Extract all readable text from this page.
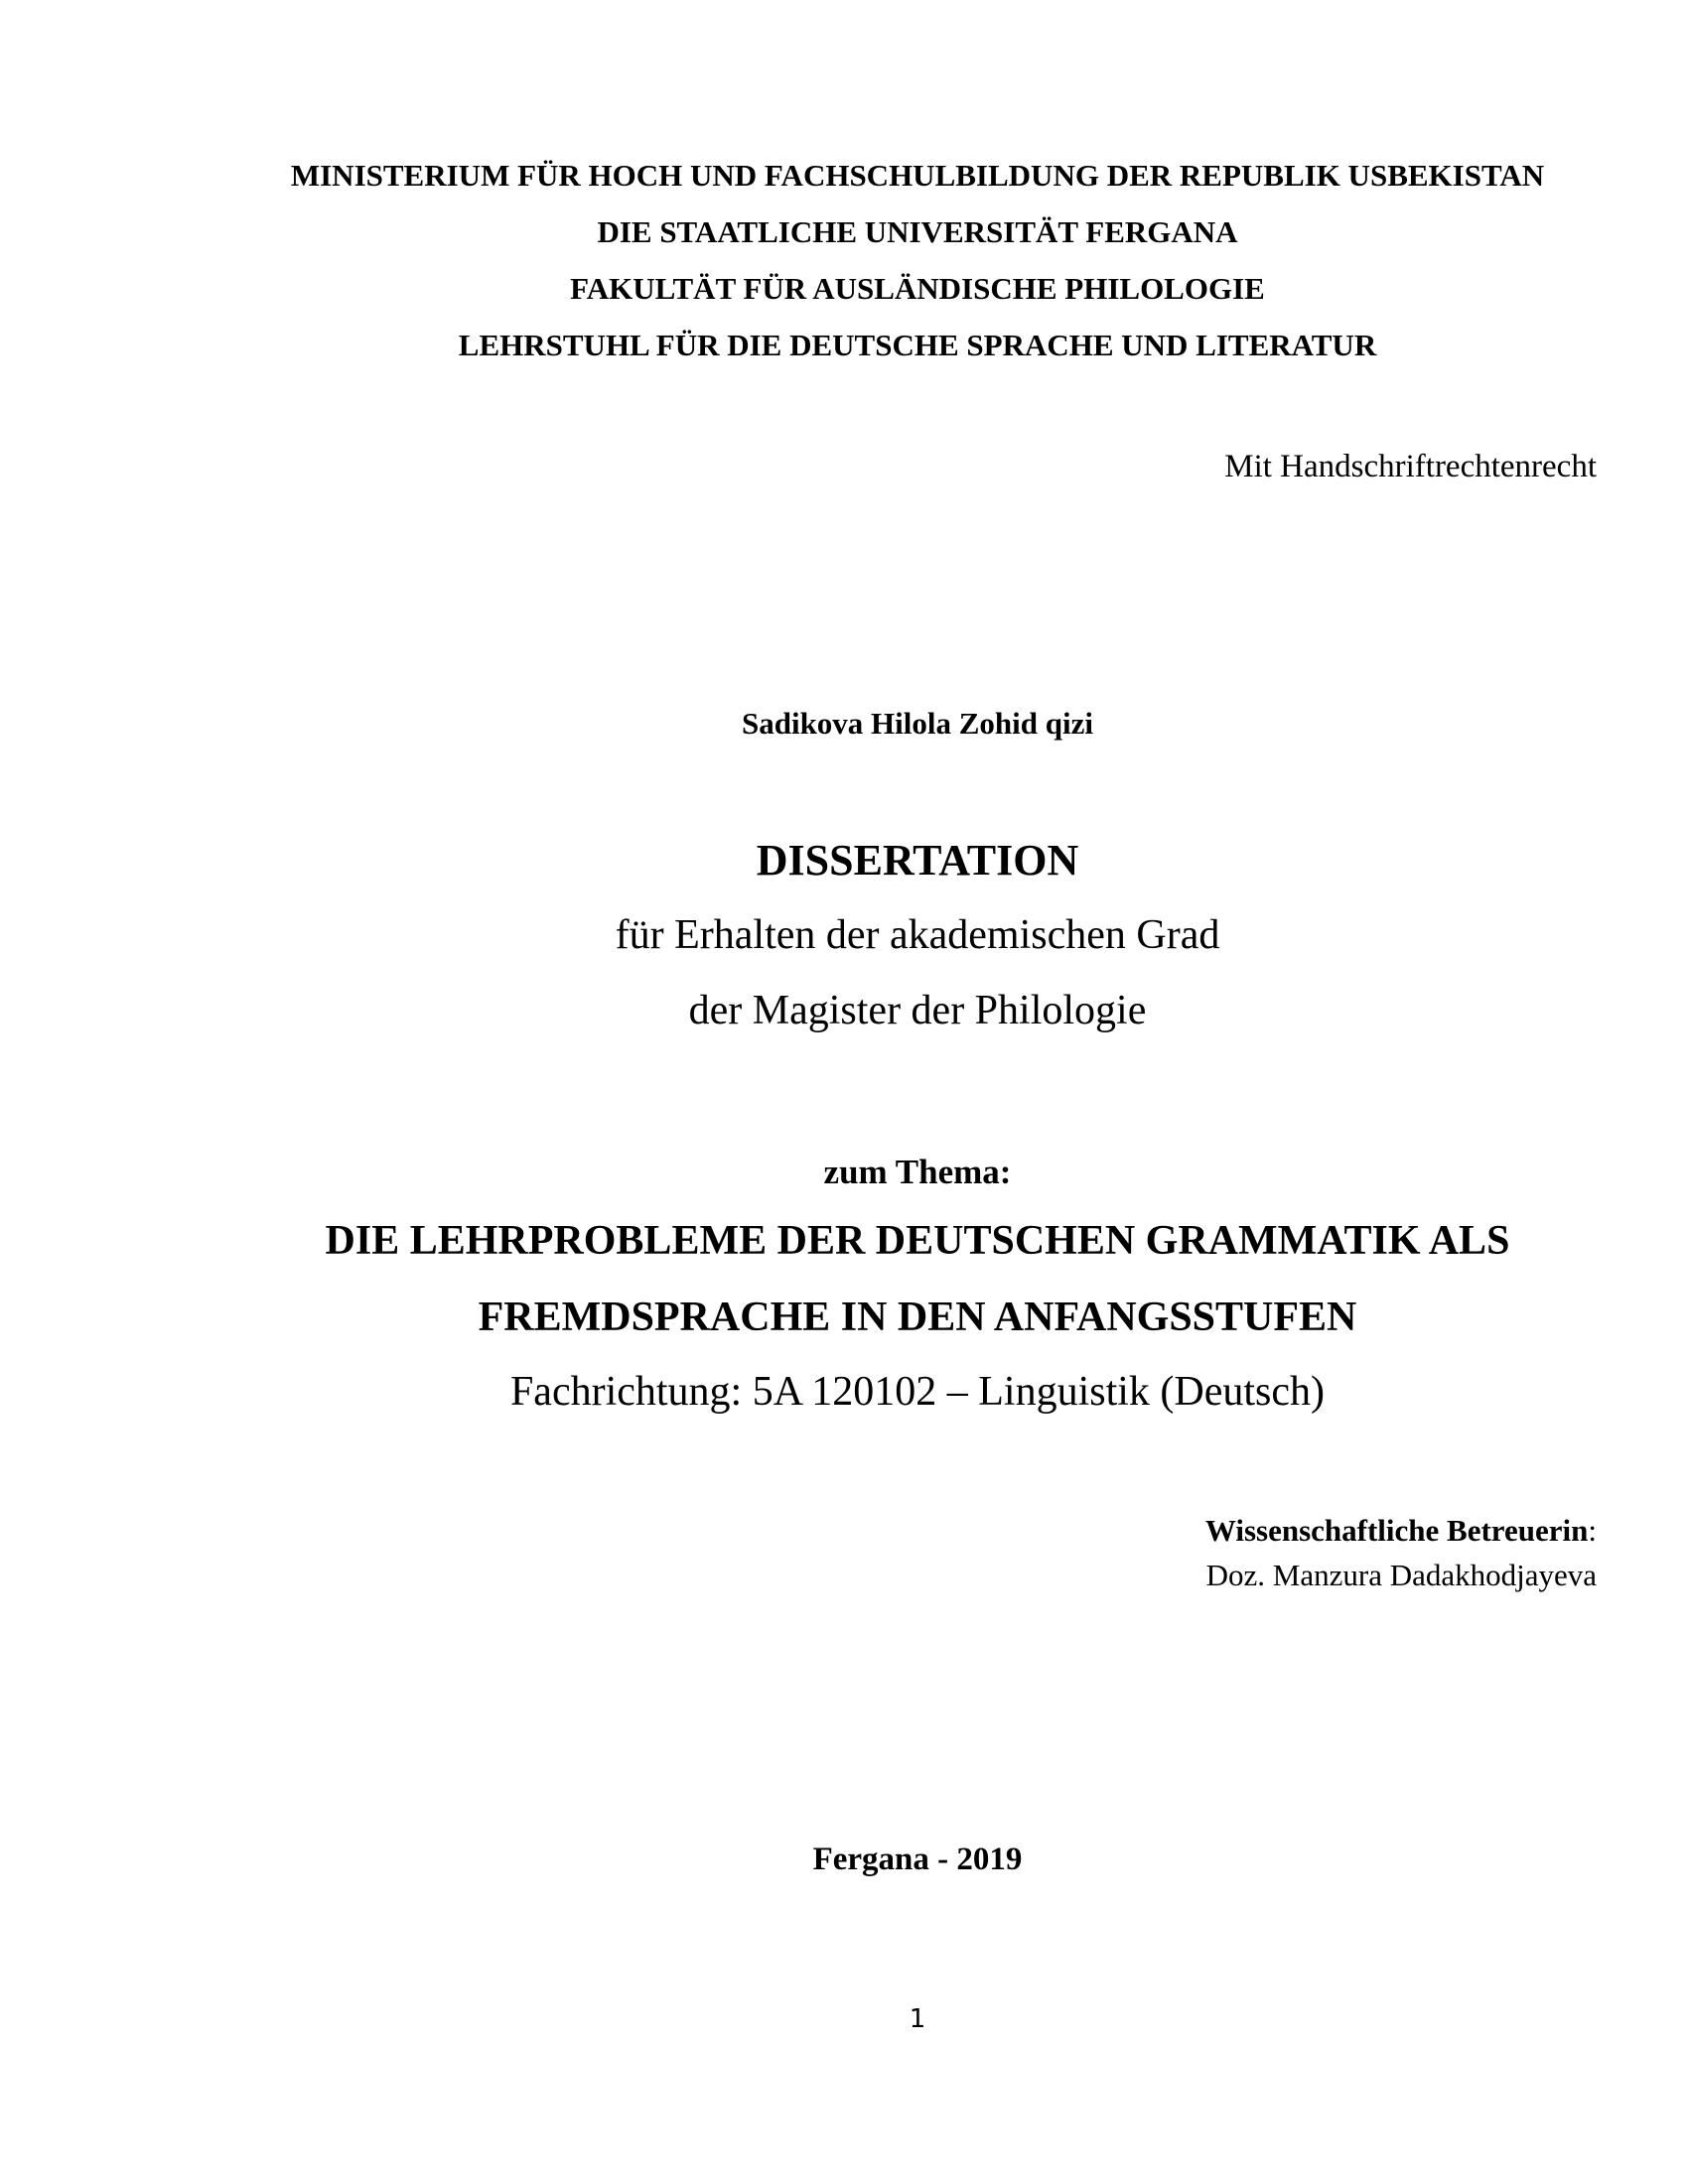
MINISTERIUM FÜR HOCH UND FACHSCHULBILDUNG DER REPUBLIK USBEKISTAN
DIE STAATLICHE UNIVERSITÄT FERGANA
FAKULTÄT FÜR AUSLÄNDISCHE PHILOLOGIE
LEHRSTUHL FÜR DIE DEUTSCHE SPRACHE UND LITERATUR
Mit Handschriftrechtenrecht
Sadikova Hilola Zohid qizi
DISSERTATION
für Erhalten der akademischen Grad
der Magister der Philologie
zum Thema:
DIE LEHRPROBLEME DER DEUTSCHEN GRAMMATIK ALS
FREMDSPRACHE IN DEN ANFANGSSTUFEN
Fachrichtung: 5A 120102 – Linguistik (Deutsch)
Wissenschaftliche Betreuerin:
Doz. Manzura Dadakhodjayeva
Fergana - 2019
1
